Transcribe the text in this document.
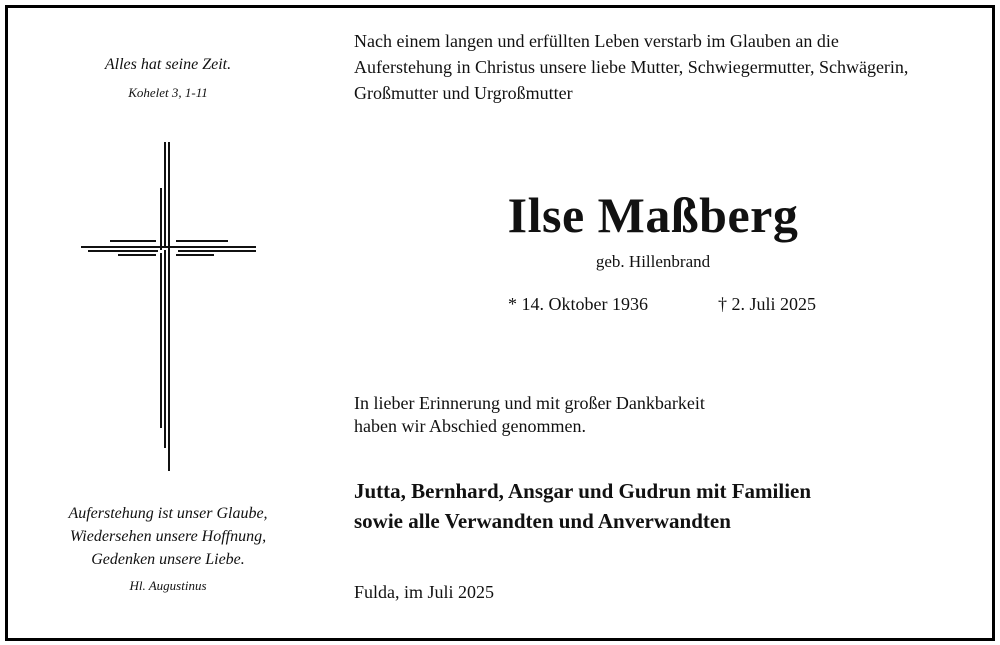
Alles hat seine Zeit.
Kohelet 3, 1-11
Auferstehung ist unser Glaube,
Wiedersehen unsere Hoffnung,
Gedenken unsere Liebe.
Hl. Augustinus
Nach einem langen und erfüllten Leben verstarb im Glauben an die
Auferstehung in Christus unsere liebe Mutter, Schwiegermutter, Schwägerin,
Großmutter und Urgroßmutter
Ilse Maßberg
geb. Hillenbrand
* 14. Oktober 1936	† 2. Juli 2025
In lieber Erinnerung und mit großer Dankbarkeit
haben wir Abschied genommen.
Jutta, Bernhard, Ansgar und Gudrun mit Familien
sowie alle Verwandten und Anverwandten
Fulda, im Juli 2025
